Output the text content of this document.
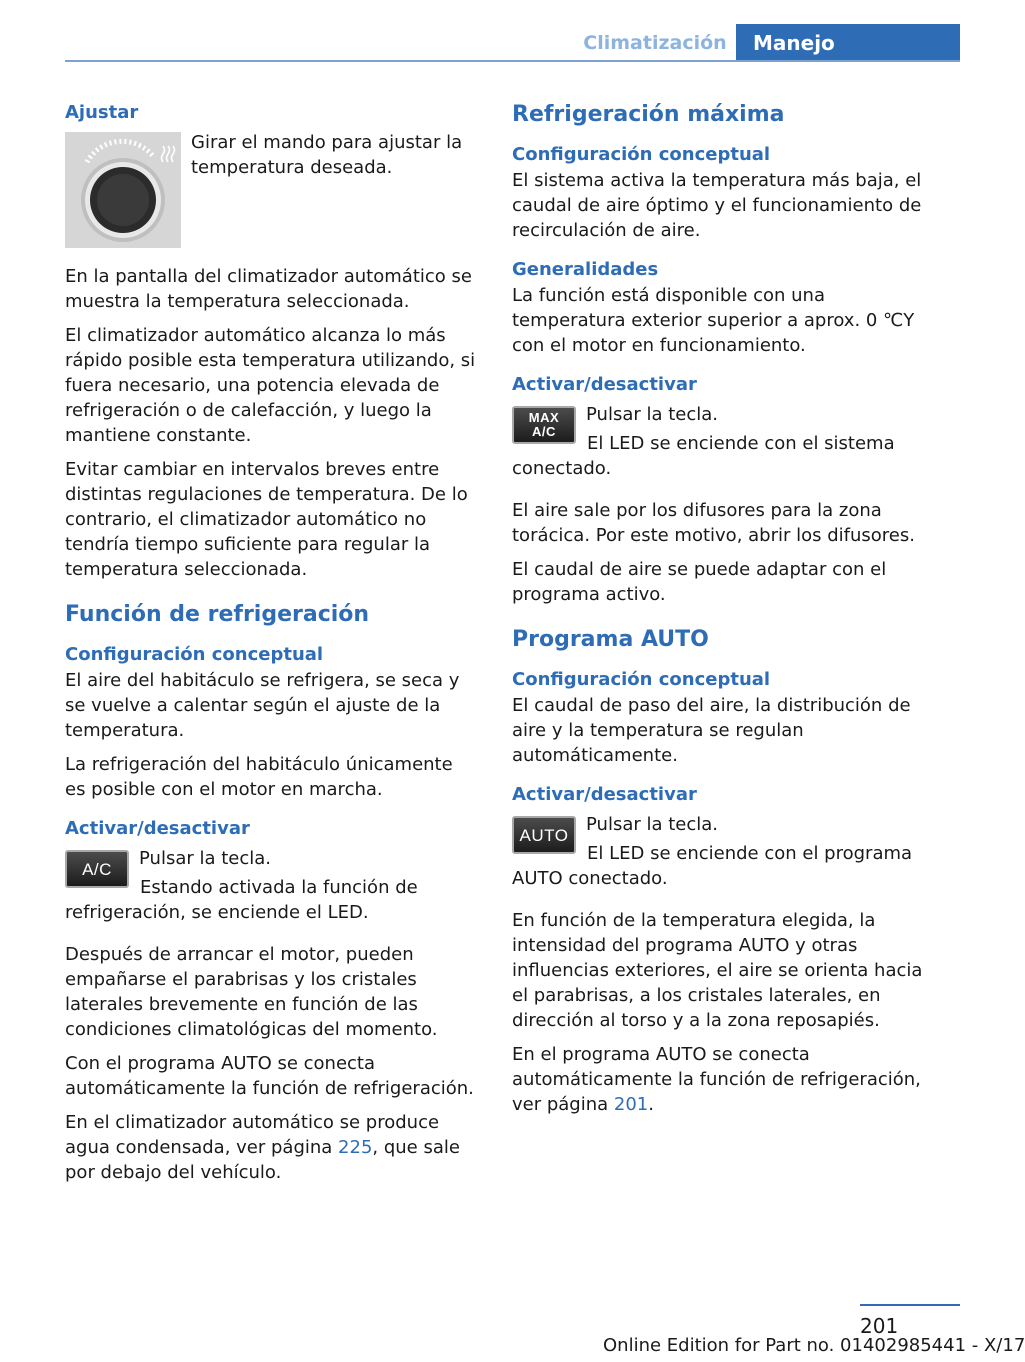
Climatización	Manejo
Ajustar
Girar el mando para ajustar la temperatura deseada.
En la pantalla del climatizador automático se muestra la temperatura seleccionada.
El climatizador automático alcanza lo más rápido posible esta temperatura utilizando, si fuera necesario, una potencia elevada de refrigeración o de calefacción, y luego la mantiene constante.
Evitar cambiar en intervalos breves entre distintas regulaciones de temperatura. De lo contrario, el climatizador automático no tendría tiempo suficiente para regular la temperatura seleccionada.
Función de refrigeración
Configuración conceptual
El aire del habitáculo se refrigera, se seca y se vuelve a calentar según el ajuste de la temperatura.
La refrigeración del habitáculo únicamente es posible con el motor en marcha.
Activar/desactivar
A/C	Pulsar la tecla.
Estando activada la función de refrigeración, se enciende el LED.
Después de arrancar el motor, pueden empañarse el parabrisas y los cristales laterales brevemente en función de las condiciones climatológicas del momento.
Con el programa AUTO se conecta automáticamente la función de refrigeración.
En el climatizador automático se produce agua condensada, ver página 225, que sale por debajo del vehículo.
Refrigeración máxima
Configuración conceptual
El sistema activa la temperatura más baja, el caudal de aire óptimo y el funcionamiento de recirculación de aire.
Generalidades
La función está disponible con una temperatura exterior superior a aprox. 0 ℃Y con el motor en funcionamiento.
Activar/desactivar
MAX
A/C
Pulsar la tecla.
El LED se enciende con el sistema conectado.
El aire sale por los difusores para la zona torácica. Por este motivo, abrir los difusores.
El caudal de aire se puede adaptar con el programa activo.
Programa AUTO
Configuración conceptual
El caudal de paso del aire, la distribución de aire y la temperatura se regulan automáticamente.
Activar/desactivar
AUTO Pulsar la tecla.
El LED se enciende con el programa AUTO conectado.
En función de la temperatura elegida, la intensidad del programa AUTO y otras influencias exteriores, el aire se orienta hacia el parabrisas, a los cristales laterales, en dirección al torso y a la zona reposapiés.
En el programa AUTO se conecta automáticamente la función de refrigeración, ver página 201.
201
Online Edition for Part no. 01402985441 - X/17
